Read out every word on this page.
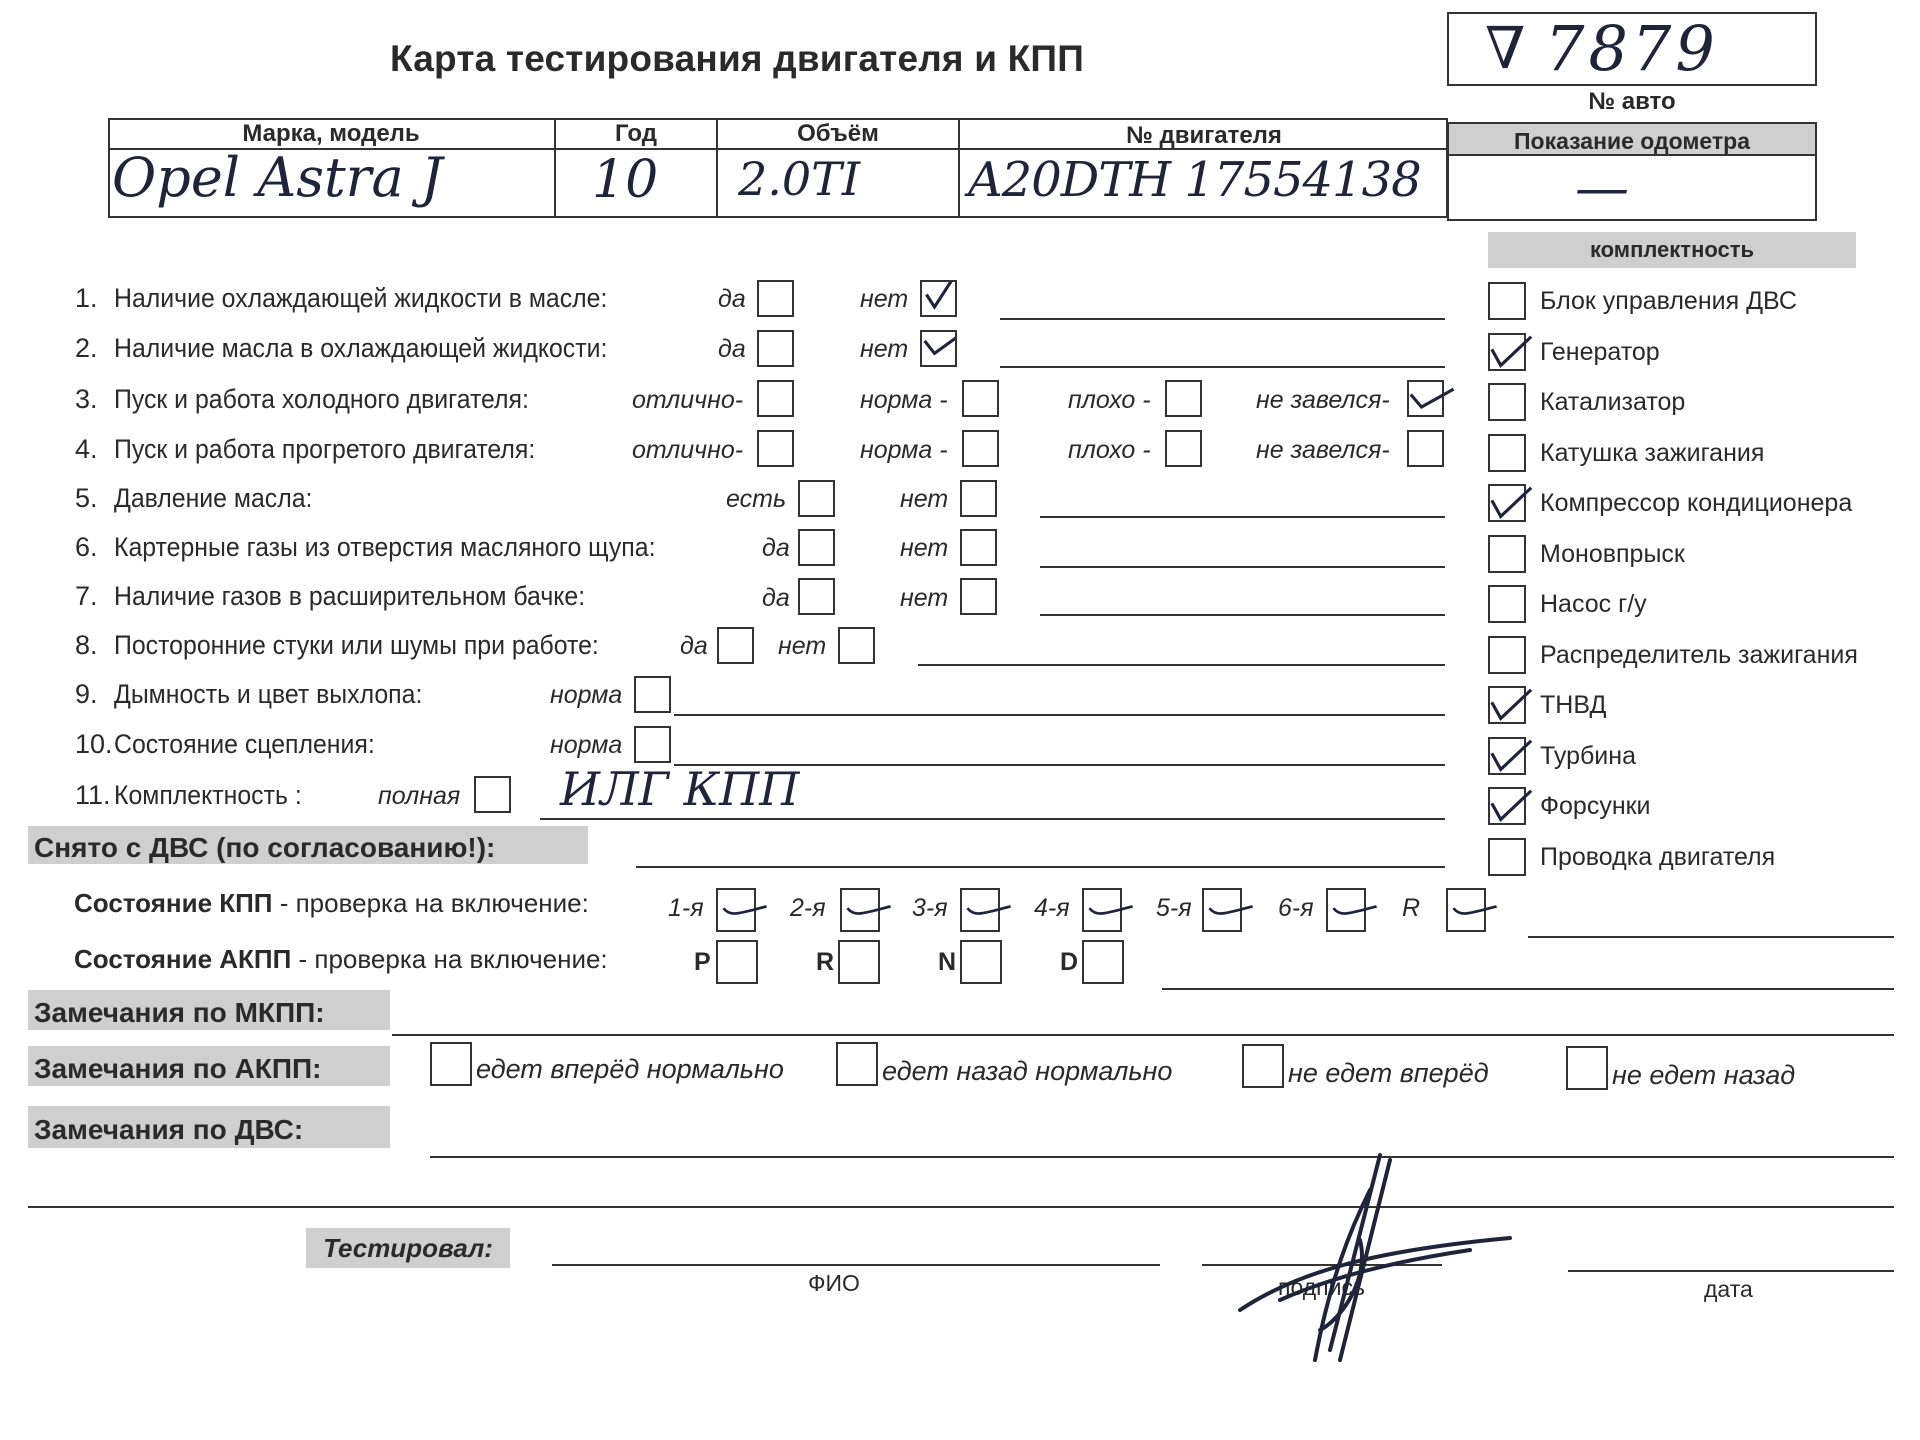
Карта тестирования двигателя и КПП	∇ 7879
№ авто
Показание одометра
—
Марка, модель	Год	Объём	№ двигателя
Opel Astra J	10 2.0TI A20DTH 17554138
комплектность
1. Наличие охлаждающей жидкости в масле:	да	нет
2. Наличие масла в охлаждающей жидкости:	да	нет
3. Пуск и работа холодного двигателя:	отлично-	норма -	плохо -	не завелся-
4. Пуск и работа прогретого двигателя:	отлично-	норма -	плохо -	не завелся-
5. Давление масла:	есть	нет
6. Картерные газы из отверстия масляного щупа:	да	нет
7. Наличие газов в расширительном бачке:	да	нет
8. Посторонние стуки или шумы при работе:	да	нет
9. Дымность и цвет выхлопа:	норма
10. Состояние сцепления:	норма
11. Комплектность :	полная ИЛГ КПП
Блок управления ДВС
Генератор
Катализатор
Катушка зажигания
Компрессор кондиционера
Моновпрыск
Насос г/у
Распределитель зажигания
ТНВД
Турбина
Форсунки
Проводка двигателя
Снято с ДВС (по согласованию!):
Состояние КПП - проверка на включение:	1-я	2-я	3-я	4-я	5-я	6-я	R
Состояние АКПП - проверка на включение:	P	R	N	D
Замечания по МКПП:
Замечания по АКПП:	едет вперёд нормально	едет назад нормально	не едет вперёд	не едет назад
Замечания по ДВС:
Тестировал:
ФИО	подпись	дата
